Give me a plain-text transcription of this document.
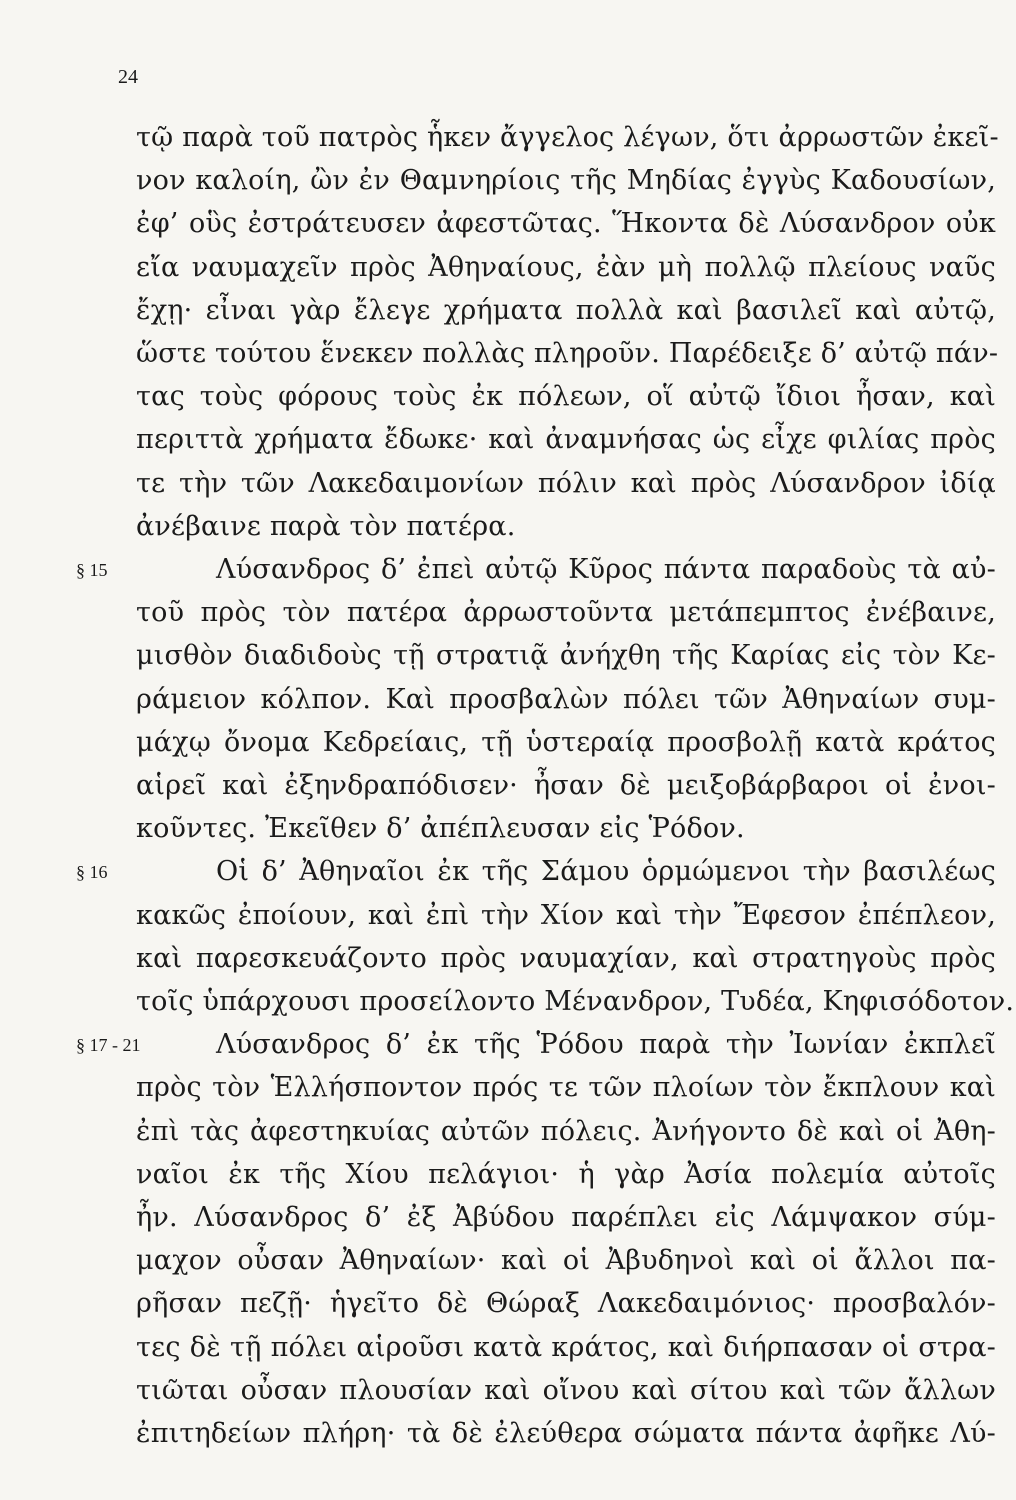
24
τῷ παρὰ τοῦ πατρὸς ἧκεν ἄγγελος λέγων, ὅτι ἀρρωστῶν ἐκεῖ-
νον καλοίη, ὢν ἐν Θαμνηρίοις τῆς Μηδίας ἐγγὺς Καδουσίων,
ἐφ’ οὓς ἐστράτευσεν ἀφεστῶτας. Ἥκοντα δὲ Λύσανδρον οὐκ
εἴα ναυμαχεῖν πρὸς Ἀθηναίους, ἐὰν μὴ πολλῷ πλείους ναῦς
ἔχῃ· εἶναι γὰρ ἔλεγε χρήματα πολλὰ καὶ βασιλεῖ καὶ αὐτῷ,
ὥστε τούτου ἕνεκεν πολλὰς πληροῦν. Παρέδειξε δ’ αὐτῷ πάν-
τας τοὺς φόρους τοὺς ἐκ πόλεων, οἵ αὐτῷ ἴδιοι ἦσαν, καὶ
περιττὰ χρήματα ἔδωκε· καὶ ἀναμνήσας ὡς εἶχε φιλίας πρὸς
τε τὴν τῶν Λακεδαιμονίων πόλιν καὶ πρὸς Λύσανδρον ἰδίᾳ
ἀνέβαινε παρὰ τὸν πατέρα.
Λύσανδρος δ’ ἐπεὶ αὐτῷ Κῦρος πάντα παραδοὺς τὰ αὐ-
τοῦ πρὸς τὸν πατέρα ἀρρωστοῦντα μετάπεμπτος ἐνέβαινε,
μισθὸν διαδιδοὺς τῇ στρατιᾷ ἀνήχθη τῆς Καρίας εἰς τὸν Κε-
ράμειον κόλπον. Καὶ προσβαλὼν πόλει τῶν Ἀθηναίων συμ-
μάχῳ ὄνομα Κεδρείαις, τῇ ὑστεραίᾳ προσβολῇ κατὰ κράτος
αἱρεῖ καὶ ἐξηνδραπόδισεν· ἦσαν δὲ μειξοβάρβαροι οἱ ἐνοι-
κοῦντες. Ἐκεῖθεν δ’ ἀπέπλευσαν εἰς Ῥόδον.
Οἱ δ’ Ἀθηναῖοι ἐκ τῆς Σάμου ὁρμώμενοι τὴν βασιλέως
κακῶς ἐποίουν, καὶ ἐπὶ τὴν Χίον καὶ τὴν Ἔφεσον ἐπέπλεον,
καὶ παρεσκευάζοντο πρὸς ναυμαχίαν, καὶ στρατηγοὺς πρὸς
τοῖς ὑπάρχουσι προσείλοντο Μένανδρον, Τυδέα, Κηφισόδοτον.
Λύσανδρος δ’ ἐκ τῆς Ῥόδου παρὰ τὴν Ἰωνίαν ἐκπλεῖ
πρὸς τὸν Ἑλλήσποντον πρός τε τῶν πλοίων τὸν ἔκπλουν καὶ
ἐπὶ τὰς ἀφεστηκυίας αὐτῶν πόλεις. Ἀνήγοντο δὲ καὶ οἱ Ἀθη-
ναῖοι ἐκ τῆς Χίου πελάγιοι· ἡ γὰρ Ἀσία πολεμία αὐτοῖς
ἦν. Λύσανδρος δ’ ἐξ Ἀβύδου παρέπλει εἰς Λάμψακον σύμ-
μαχον οὖσαν Ἀθηναίων· καὶ οἱ Ἀβυδηνοὶ καὶ οἱ ἄλλοι πα-
ρῆσαν πεζῇ· ἡγεῖτο δὲ Θώραξ Λακεδαιμόνιος· προσβαλόν-
τες δὲ τῇ πόλει αἱροῦσι κατὰ κράτος, καὶ διήρπασαν οἱ στρα-
τιῶται οὖσαν πλουσίαν καὶ οἴνου καὶ σίτου καὶ τῶν ἄλλων
ἐπιτηδείων πλήρη· τὰ δὲ ἐλεύθερα σώματα πάντα ἀφῆκε Λύ-
§ 15
§ 16
§ 17 - 21
